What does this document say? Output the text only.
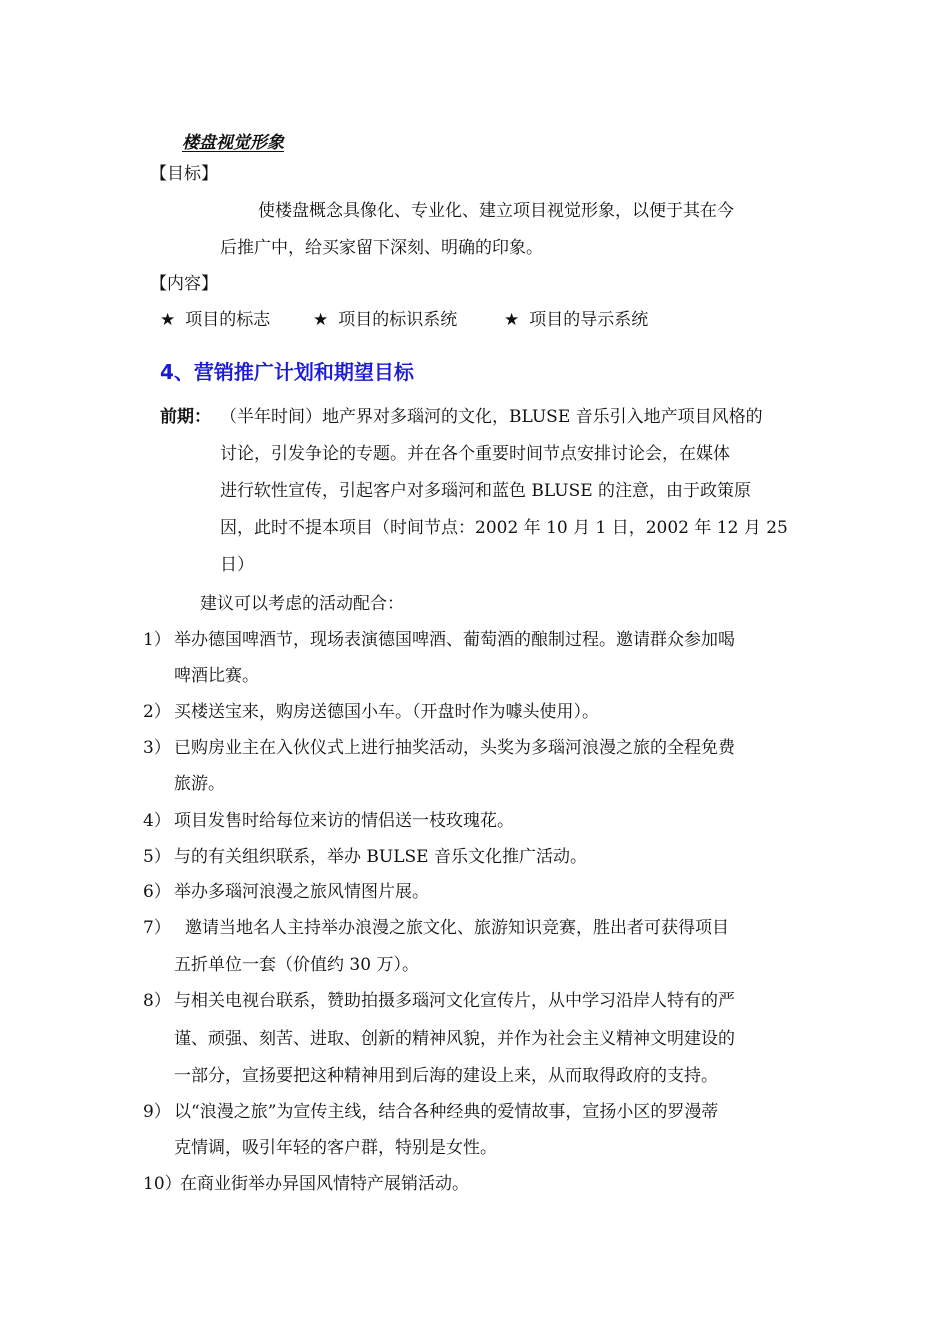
楼盘视觉形象
【目标】
使楼盘概念具像化、专业化、建立项目视觉形象，以便于其在今
后推广中，给买家留下深刻、明确的印象。
【内容】
★ 项目的标志	★ 项目的标识系统	★ 项目的导示系统
4、营销推广计划和期望目标
前期： （半年时间）地产界对多瑙河的文化，BLUSE 音乐引入地产项目风格的
讨论，引发争论的专题。并在各个重要时间节点安排讨论会，在媒体
进行软性宣传，引起客户对多瑙河和蓝色 BLUSE 的注意，由于政策原
因，此时不提本项目（时间节点：2002 年 10 月 1 日，2002 年 12 月 25
日）
建议可以考虑的活动配合：
1） 举办德国啤酒节，现场表演德国啤酒、葡萄酒的酿制过程。邀请群众参加喝
啤酒比赛。
2） 买楼送宝来，购房送德国小车。（开盘时作为噱头使用）。
3） 已购房业主在入伙仪式上进行抽奖活动，头奖为多瑙河浪漫之旅的全程免费
旅游。
4） 项目发售时给每位来访的情侣送一枝玫瑰花。
5） 与的有关组织联系，举办 BULSE 音乐文化推广活动。
6） 举办多瑙河浪漫之旅风情图片展。
7） 邀请当地名人主持举办浪漫之旅文化、旅游知识竞赛，胜出者可获得项目
五折单位一套（价值约 30 万）。
8） 与相关电视台联系，赞助拍摄多瑙河文化宣传片，从中学习沿岸人特有的严
谨、顽强、刻苦、进取、创新的精神风貌，并作为社会主义精神文明建设的
一部分，宣扬要把这种精神用到后海的建设上来，从而取得政府的支持。
9） 以“浪漫之旅”为宣传主线，结合各种经典的爱情故事，宣扬小区的罗漫蒂
克情调，吸引年轻的客户群，特别是女性。
10）
在商业街举办异国风情特产展销活动。
